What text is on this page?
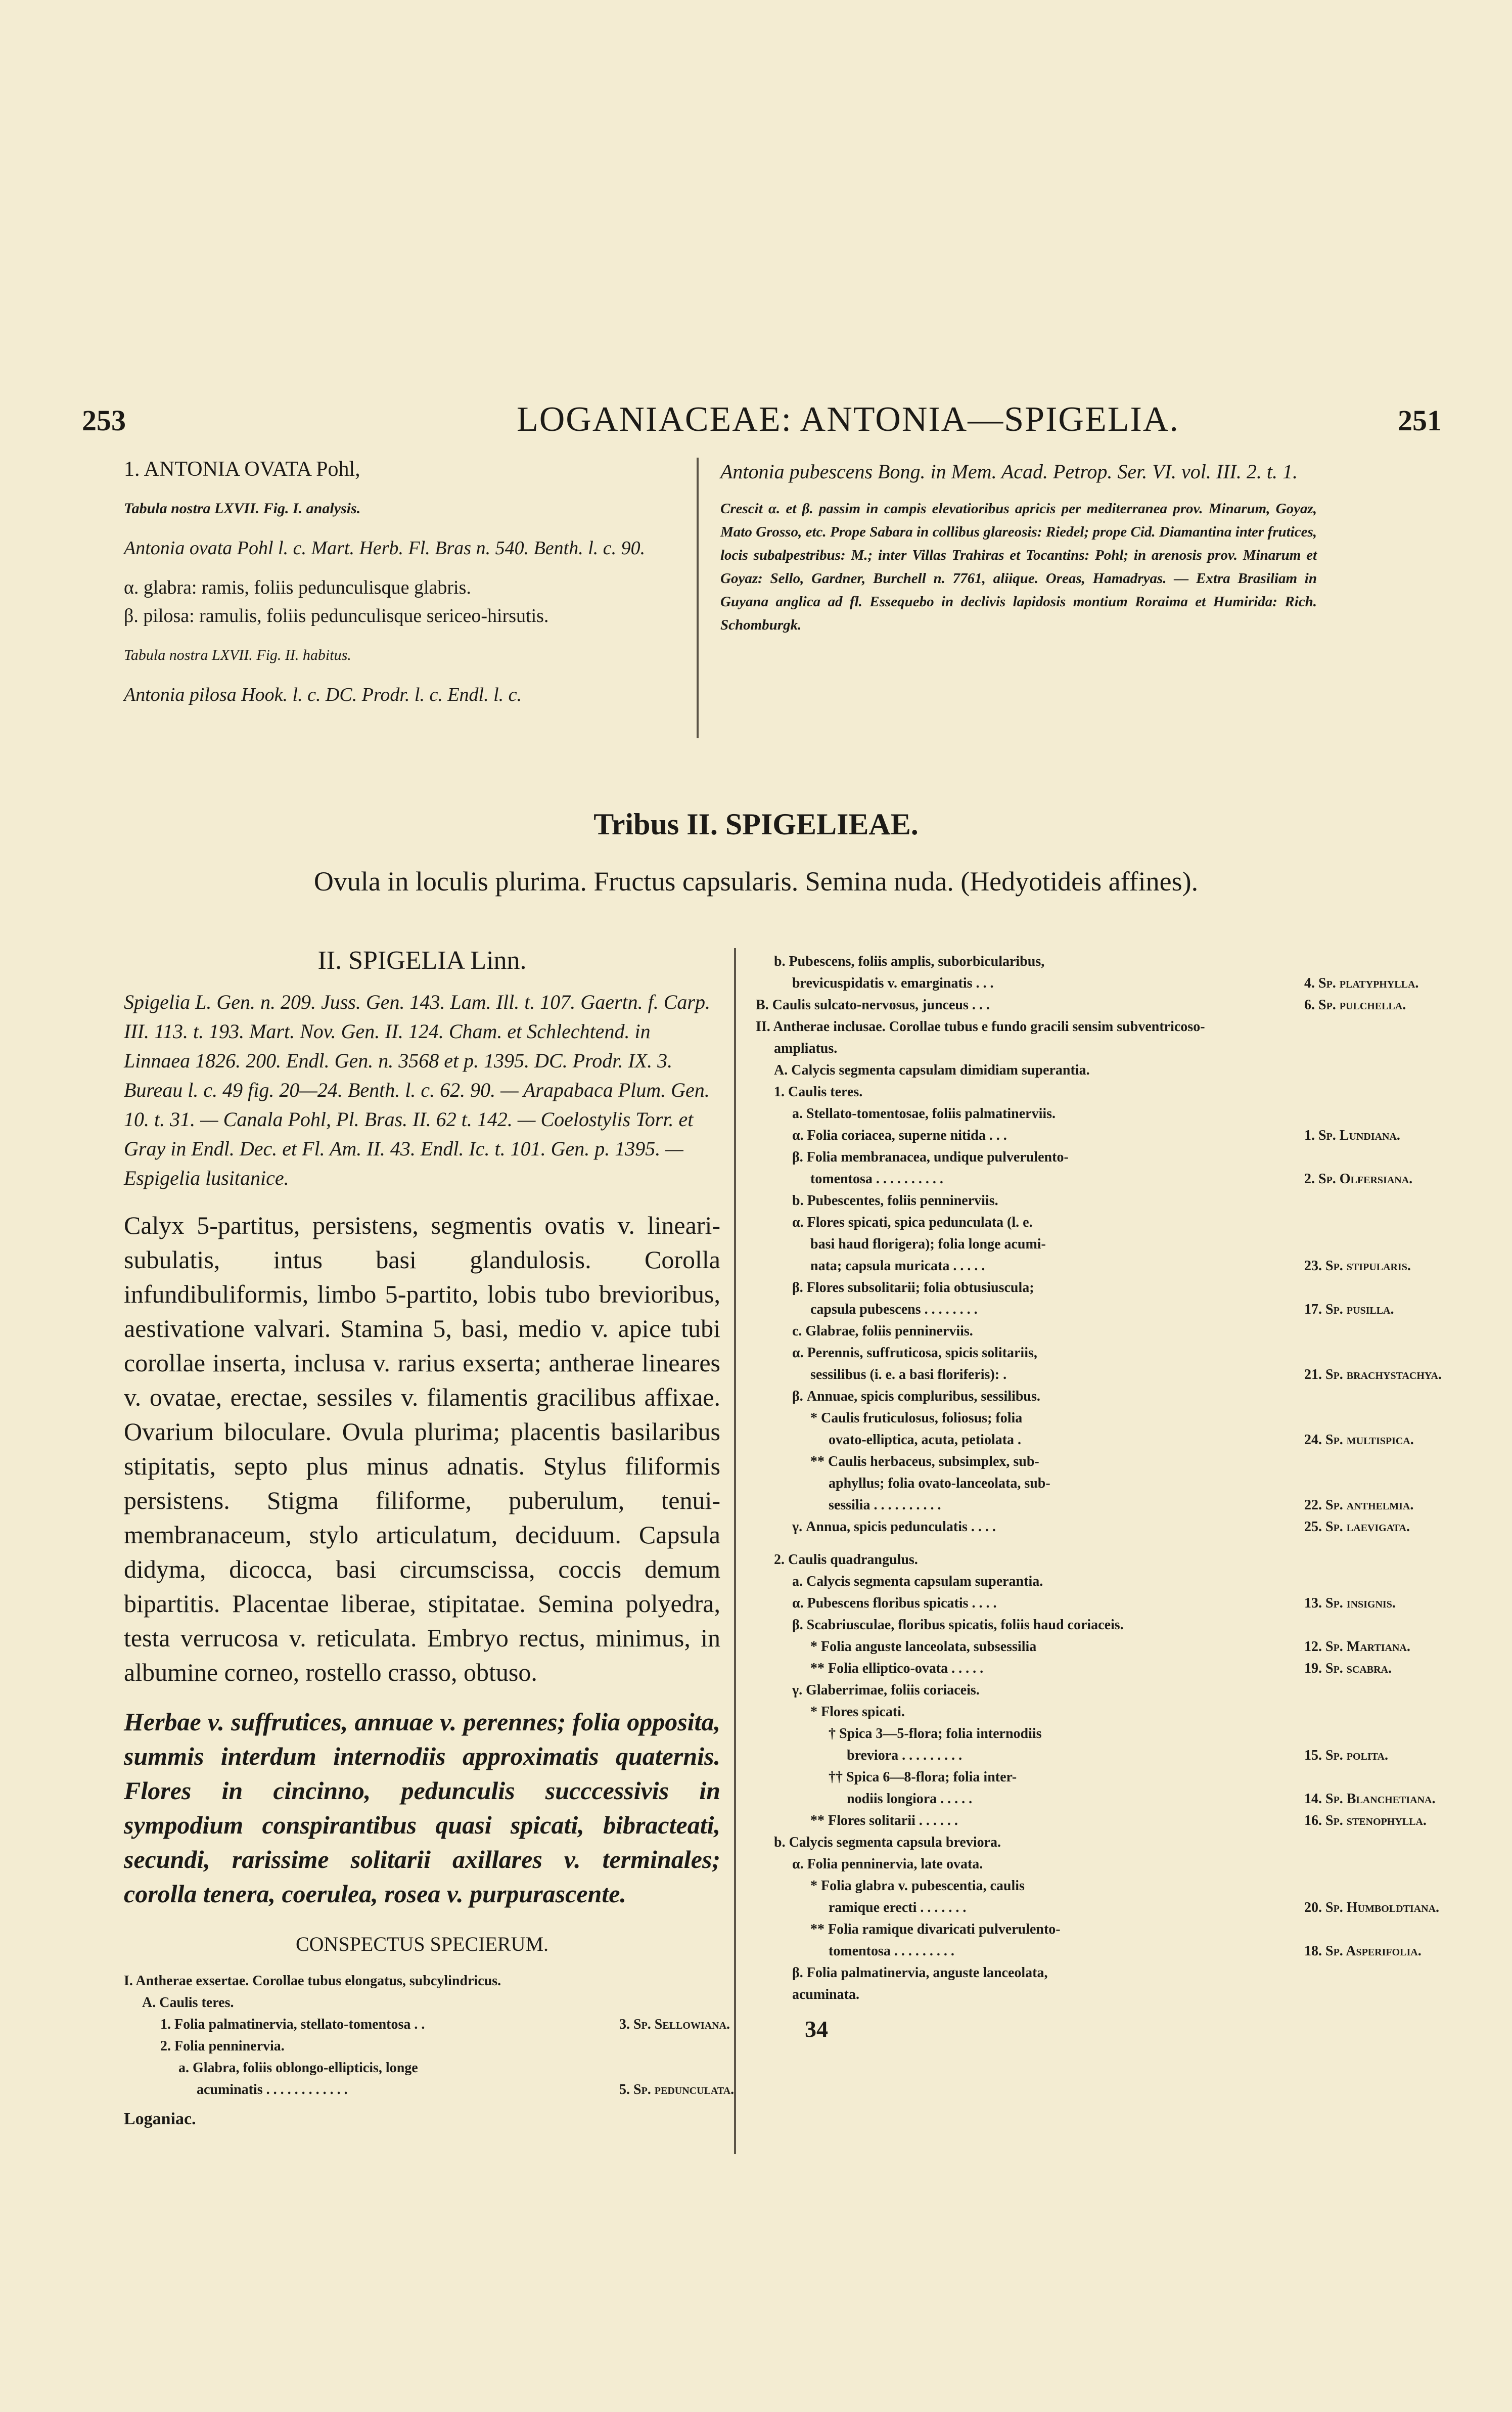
253	LOGANIACEAE: ANTONIA—SPIGELIA.	251

1. ANTONIA OVATA Pohl,

Tabula nostra LXVII. Fig. I. analysis.

Antonia ovata Pohl l. c. Mart. Herb. Fl. Bras n. 540. Benth. l. c. 90.

α. glabra: ramis, foliis pedunculisque glabris.

β. pilosa: ramulis, foliis pedunculisque sericeo-hirsutis.

Tabula nostra LXVII. Fig. II. habitus.

Antonia pilosa Hook. l. c. DC. Prodr. l. c. Endl. l. c.

Antonia pubescens Bong. in Mem. Acad. Petrop. Ser. VI. vol. III. 2. t. 1.

Crescit α. et β. passim in campis elevatioribus apricis per mediterranea prov. Minarum, Goyaz, Mato Grosso, etc. Prope Sabara in collibus glareosis: Riedel; prope Cid. Diamantina inter frutices, locis subalpestribus: M.; inter Villas Trahiras et Tocantins: Pohl; in arenosis prov. Minarum et Goyaz: Sello, Gardner, Burchell n. 7761, aliique. Oreas, Hamadryas. — Extra Brasiliam in Guyana anglica ad fl. Essequebo in declivis lapidosis montium Roraima et Humirida: Rich. Schomburgk.

Tribus II. SPIGELIEAE.
Ovula in loculis plurima. Fructus capsularis. Semina nuda. (Hedyotideis affines).
II. SPIGELIA Linn.
Spigelia L. Gen. n. 209. Juss. Gen. 143. Lam. Ill. t. 107. Gaertn. f. Carp. III. 113. t. 193. Mart. Nov. Gen. II. 124. Cham. et Schlechtend. in Linnaea 1826. 200. Endl. Gen. n. 3568 et p. 1395. DC. Prodr. IX. 3. Bureau l. c. 49 fig. 20—24. Benth. l. c. 62. 90. — Arapabaca Plum. Gen. 10. t. 31. — Canala Pohl, Pl. Bras. II. 62 t. 142. — Coelostylis Torr. et Gray in Endl. Dec. et Fl. Am. II. 43. Endl. Ic. t. 101. Gen. p. 1395. — Espigelia lusitanice.
Calyx 5-partitus, persistens, segmentis ovatis v. lineari-subulatis, intus basi glandulosis. Corolla infundibuliformis, limbo 5-partito, lobis tubo brevioribus, aestivatione valvari. Stamina 5, basi, medio v. apice tubi corollae inserta, inclusa v. rarius exserta; antherae lineares v. ovatae, erectae, sessiles v. filamentis gracilibus affixae. Ovarium biloculare. Ovula plurima; placentis basilaribus stipitatis, septo plus minus adnatis. Stylus filiformis persistens. Stigma filiforme, puberulum, tenui-membranaceum, stylo articulatum, deciduum. Capsula didyma, dicocca, basi circumscissa, coccis demum bipartitis. Placentae liberae, stipitatae. Semina polyedra, testa verrucosa v. reticulata. Embryo rectus, minimus, in albumine corneo, rostello crasso, obtuso.
Herbae v. suffrutices, annuae v. perennes; folia opposita, summis interdum internodiis approximatis quaternis. Flores in cincinno, pedunculis succcessivis in sympodium conspirantibus quasi spicati, bibracteati, secundi, rarissime solitarii axillares v. terminales; corolla tenera, coerulea, rosea v. purpurascente.
CONSPECTUS SPECIERUM.
I. Antherae exsertae. Corollae tubus elongatus, subcylindricus.
A. Caulis teres.
1. Folia palmatinervia, stellato-tomentosa . .	3. Sp. Sellowiana.
2. Folia penninervia.
a. Glabra, foliis oblongo-ellipticis, longe
acuminatis . . . . . . . . . . . .	5. Sp. pedunculata.
Loganiac.
b. Pubescens, foliis amplis, suborbicularibus,
brevicuspidatis v. emarginatis . . .	4. Sp. platyphylla.
B. Caulis sulcato-nervosus, junceus . . .	6. Sp. pulchella.
II. Antherae inclusae. Corollae tubus e fundo gracili sensim subventricoso-
ampliatus.
A. Calycis segmenta capsulam dimidiam superantia.
1. Caulis teres.
a. Stellato-tomentosae, foliis palmatinerviis.
α. Folia coriacea, superne nitida . . .	1. Sp. Lundiana.
β. Folia membranacea, undique pulverulento-
tomentosa . . . . . . . . . .	2. Sp. Olfersiana.
b. Pubescentes, foliis penninerviis.
α. Flores spicati, spica pedunculata (l. e.
basi haud florigera); folia longe acumi-
nata; capsula muricata . . . . .	23. Sp. stipularis.
β. Flores subsolitarii; folia obtusiuscula;
capsula pubescens . . . . . . . .	17. Sp. pusilla.
c. Glabrae, foliis penninerviis.
α. Perennis, suffruticosa, spicis solitariis,
sessilibus (i. e. a basi floriferis): .	21. Sp. brachystachya.
β. Annuae, spicis compluribus, sessilibus.
* Caulis fruticulosus, foliosus; folia
ovato-elliptica, acuta, petiolata .	24. Sp. multispica.
** Caulis herbaceus, subsimplex, sub-
aphyllus; folia ovato-lanceolata, sub-
sessilia . . . . . . . . . .	22. Sp. anthelmia.
γ. Annua, spicis pedunculatis . . . .	25. Sp. laevigata.
2. Caulis quadrangulus.
a. Calycis segmenta capsulam superantia.
α. Pubescens floribus spicatis . . . .	13. Sp. insignis.
β. Scabriusculae, floribus spicatis, foliis haud coriaceis.
* Folia anguste lanceolata, subsessilia	12. Sp. Martiana.
** Folia elliptico-ovata . . . . .	19. Sp. scabra.
γ. Glaberrimae, foliis coriaceis.
* Flores spicati.
† Spica 3—5-flora; folia internodiis
breviora . . . . . . . . .	15. Sp. polita.
†† Spica 6—8-flora; folia inter-
nodiis longiora . . . . .	14. Sp. Blanchetiana.
** Flores solitarii . . . . . .	16. Sp. stenophylla.
b. Calycis segmenta capsula breviora.
α. Folia penninervia, late ovata.
* Folia glabra v. pubescentia, caulis
ramique erecti . . . . . . .	20. Sp. Humboldtiana.
** Folia ramique divaricati pulverulento-
tomentosa . . . . . . . . .	18. Sp. Asperifolia.
β. Folia palmatinervia, anguste lanceolata,
acuminata.
34
